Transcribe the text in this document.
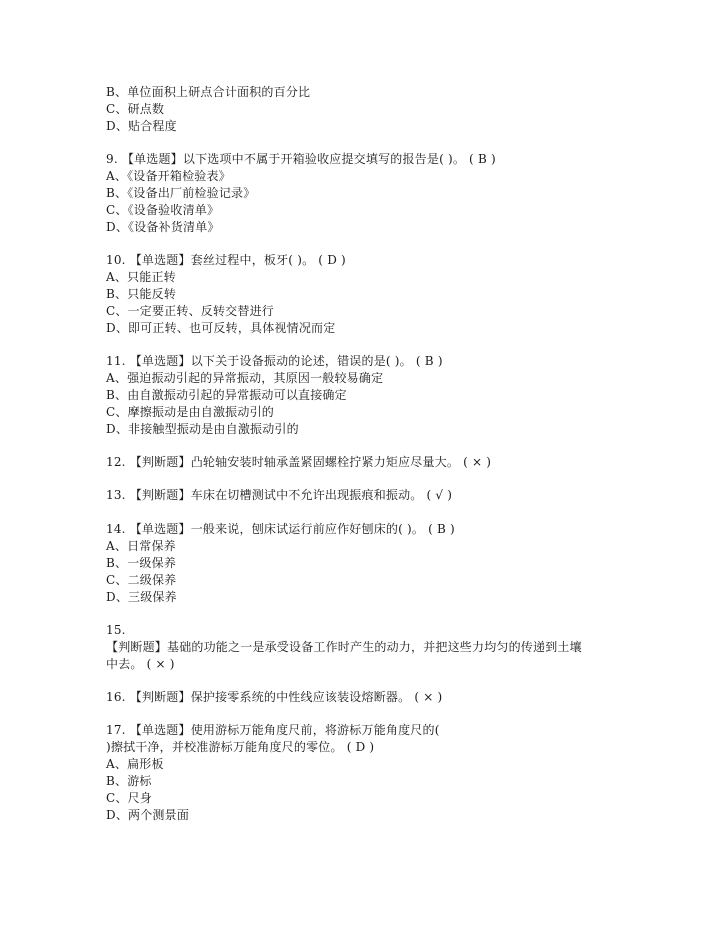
B、单位面积上研点合计面积的百分比
C、研点数
D、贴合程度
9. 【单选题】以下选项中不属于开箱验收应提交填写的报告是( )。 ( B )
A、《设备开箱检验表》
B、《设备出厂前检验记录》
C、《设备验收清单》
D、《设备补货清单》
10. 【单选题】套丝过程中，板牙( )。 ( D )
A、只能正转
B、只能反转
C、一定要正转、反转交替进行
D、即可正转、也可反转，具体视情况而定
11. 【单选题】以下关于设备振动的论述，错误的是( )。 ( B )
A、强迫振动引起的异常振动，其原因一般较易确定
B、由自激振动引起的异常振动可以直接确定
C、摩擦振动是由自激振动引的
D、非接触型振动是由自激振动引的
12. 【判断题】凸轮轴安装时轴承盖紧固螺栓拧紧力矩应尽量大。 ( × )
13. 【判断题】车床在切槽测试中不允许出现振痕和振动。 ( √ )
14. 【单选题】一般来说，刨床试运行前应作好刨床的( )。 ( B )
A、日常保养
B、一级保养
C、二级保养
D、三级保养
15.
【判断题】基础的功能之一是承受设备工作时产生的动力，并把这些力均匀的传递到土壤
中去。 ( × )
16. 【判断题】保护接零系统的中性线应该装设熔断器。 ( × )
17. 【单选题】使用游标万能角度尺前，将游标万能角度尺的(
)擦拭干净，并校准游标万能角度尺的零位。 ( D )
A、扁形板
B、游标
C、尺身
D、两个测景面
